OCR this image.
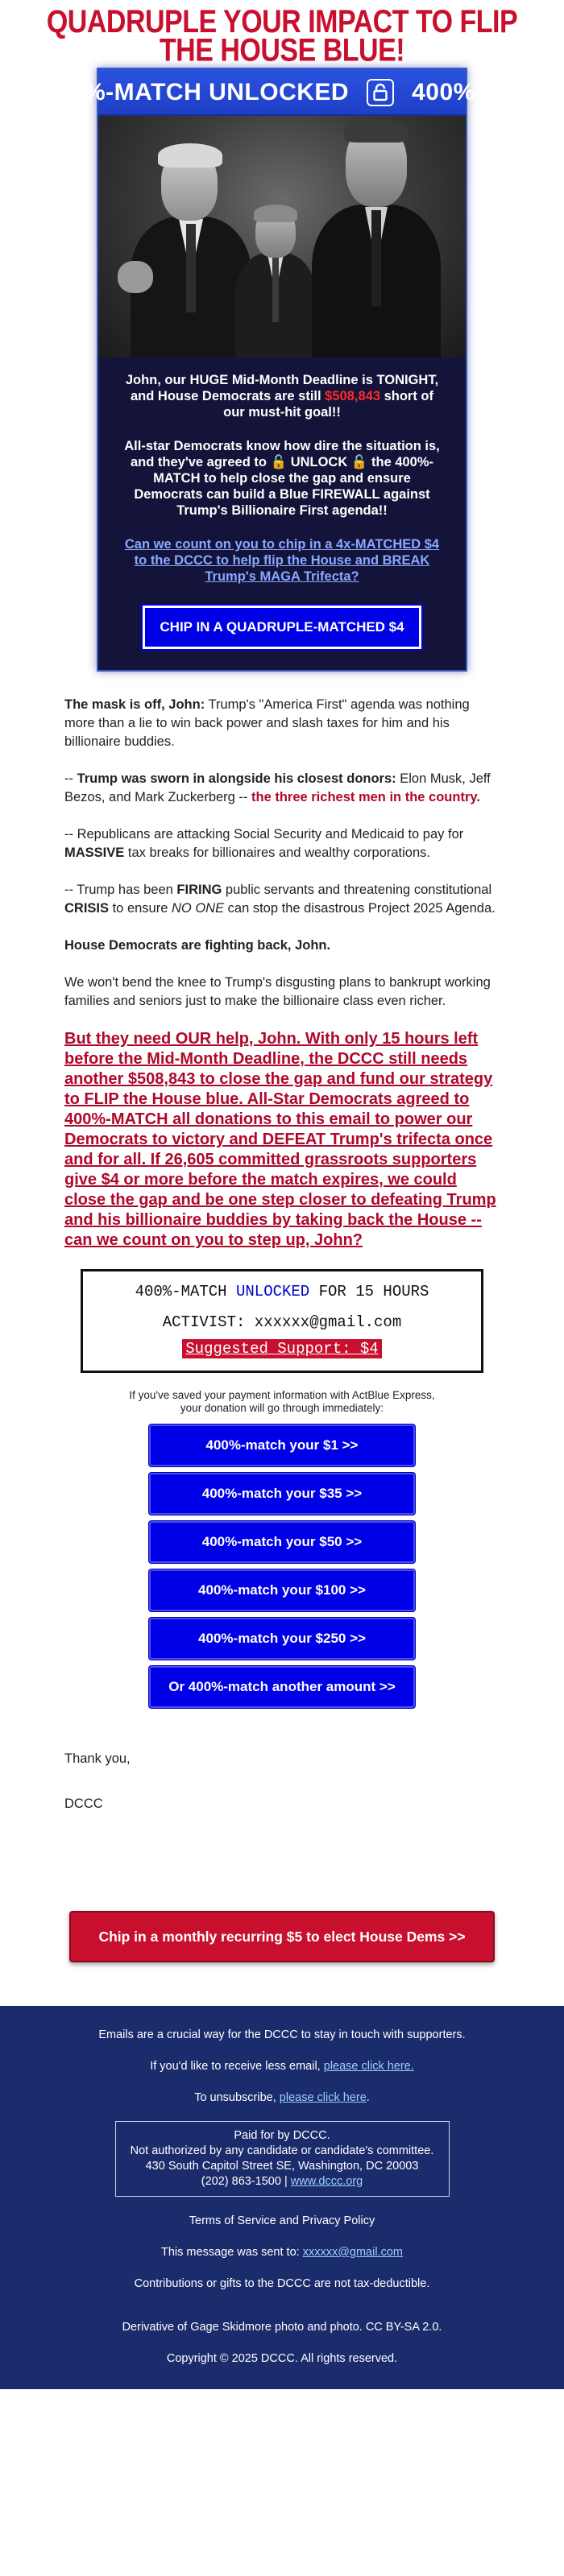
QUADRUPLE YOUR IMPACT TO FLIP
THE HOUSE BLUE!
%-MATCH UNLOCKED	400%-

John, our HUGE Mid-Month Deadline is TONIGHT, and House Democrats are still $508,843 short of our must-hit goal!!

All-star Democrats know how dire the situation is, and they've agreed to 🔓 UNLOCK 🔓 the 400%-MATCH to help close the gap and ensure Democrats can build a Blue FIREWALL against Trump's Billionaire First agenda!!

Can we count on you to chip in a 4x-MATCHED $4 to the DCCC to help flip the House and BREAK Trump's MAGA Trifecta?
CHIP IN A QUADRUPLE-MATCHED $4

The mask is off, John: Trump's "America First" agenda was nothing more than a lie to win back power and slash taxes for him and his billionaire buddies.

-- Trump was sworn in alongside his closest donors: Elon Musk, Jeff Bezos, and Mark Zuckerberg -- the three richest men in the country.

-- Republicans are attacking Social Security and Medicaid to pay for MASSIVE tax breaks for billionaires and wealthy corporations.

-- Trump has been FIRING public servants and threatening constitutional CRISIS to ensure NO ONE can stop the disastrous Project 2025 Agenda.

House Democrats are fighting back, John.

We won't bend the knee to Trump's disgusting plans to bankrupt working families and seniors just to make the billionaire class even richer.

But they need OUR help, John. With only 15 hours left before the Mid-Month Deadline, the DCCC still needs another $508,843 to close the gap and fund our strategy to FLIP the House blue. All-Star Democrats agreed to 400%-MATCH all donations to this email to power our Democrats to victory and DEFEAT Trump's trifecta once and for all. If 26,605 committed grassroots supporters give $4 or more before the match expires, we could close the gap and be one step closer to defeating Trump and his billionaire buddies by taking back the House -- can we count on you to step up, John?

400%-MATCH UNLOCKED FOR 15 HOURS
ACTIVIST: xxxxxx@gmail.com
Suggested Support: $4
If you've saved your payment information with ActBlue Express,
your donation will go through immediately:
400%-match your $1 >>
400%-match your $35 >>
400%-match your $50 >>
400%-match your $100 >>
400%-match your $250 >>
Or 400%-match another amount >>

Thank you,

DCCC

Chip in a monthly recurring $5 to elect House Dems >>

Emails are a crucial way for the DCCC to stay in touch with supporters.

If you'd like to receive less email, please click here.

To unsubscribe, please click here.

Paid for by DCCC.
Not authorized by any candidate or candidate's committee.
430 South Capitol Street SE, Washington, DC 20003
(202) 863-1500 | www.dccc.org

Terms of Service and Privacy Policy

This message was sent to: xxxxxx@gmail.com

Contributions or gifts to the DCCC are not tax-deductible.

Derivative of Gage Skidmore photo and photo. CC BY-SA 2.0.

Copyright © 2025 DCCC. All rights reserved.
